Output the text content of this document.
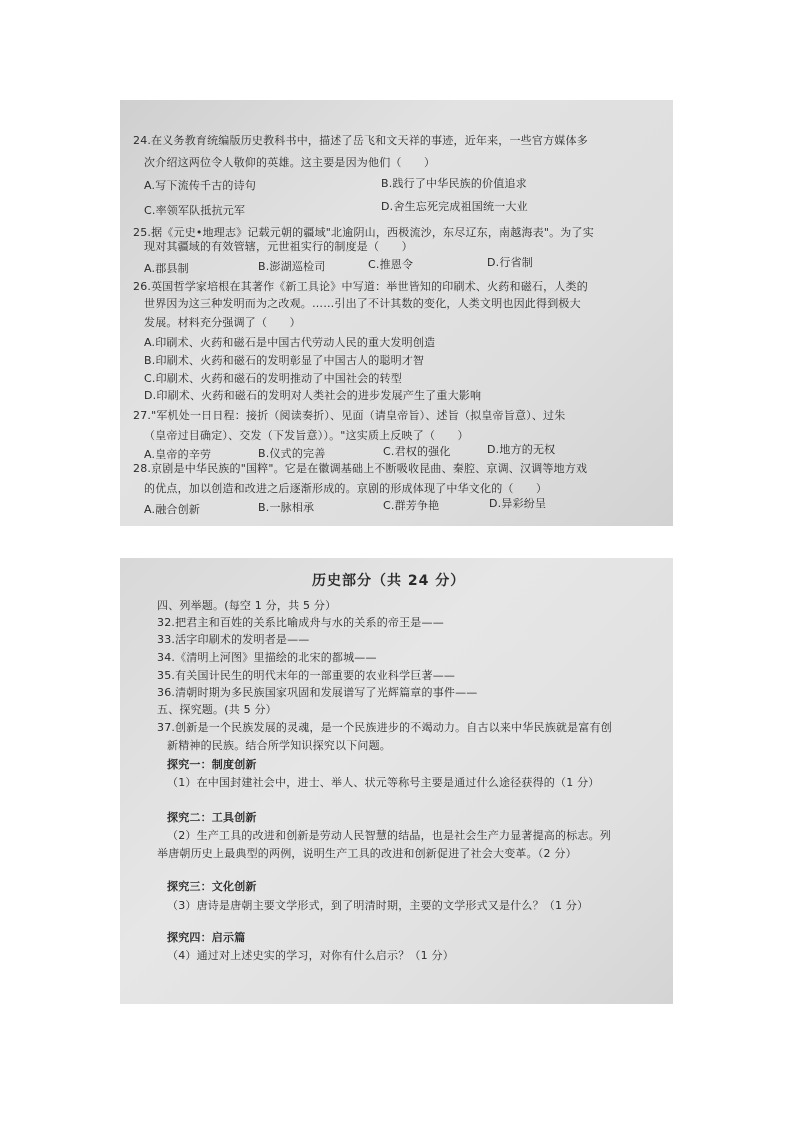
24.在义务教育统编版历史教科书中，描述了岳飞和文天祥的事迹，近年来，一些官方媒体多
次介绍这两位令人敬仰的英雄。这主要是因为他们（　　）
A.写下流传千古的诗句	B.践行了中华民族的价值追求
C.率领军队抵抗元军	D.舍生忘死完成祖国统一大业
25.据《元史•地理志》记载元朝的疆域"北逾阴山，西极流沙，东尽辽东，南越海表"。为了实
现对其疆域的有效管辖，元世祖实行的制度是（　　）
A.郡县制	B.澎湖巡检司	C.推恩令	D.行省制
26.英国哲学家培根在其著作《新工具论》中写道：举世皆知的印刷术、火药和磁石，人类的
世界因为这三种发明而为之改观。……引出了不计其数的变化，人类文明也因此得到极大
发展。材料充分强调了（　　）
A.印刷术、火药和磁石是中国古代劳动人民的重大发明创造
B.印刷术、火药和磁石的发明彰显了中国古人的聪明才智
C.印刷术、火药和磁石的发明推动了中国社会的转型
D.印刷术、火药和磁石的发明对人类社会的进步发展产生了重大影响
27."军机处一日日程：接折（阅读奏折）、见面（请皇帝旨）、述旨（拟皇帝旨意）、过朱
（皇帝过目确定）、交发（下发旨意））。"这实质上反映了（　　）
A.皇帝的辛劳	B.仪式的完善	C.君权的强化	D.地方的无权
28.京剧是中华民族的"国粹"。它是在徽调基础上不断吸收昆曲、秦腔、京调、汉调等地方戏
的优点，加以创造和改进之后逐渐形成的。京剧的形成体现了中华文化的（　　）
A.融合创新	B.一脉相承	C.群芳争艳	D.异彩纷呈
历史部分（共 24 分）
四、列举题。(每空 1 分，共 5 分）
32.把君主和百姓的关系比喻成舟与水的关系的帝王是——
33.活字印刷术的发明者是——
34.《清明上河图》里描绘的北宋的都城——
35.有关国计民生的明代末年的一部重要的农业科学巨著——
36.清朝时期为多民族国家巩固和发展谱写了光辉篇章的事件——
五、探究题。(共 5 分）
37.创新是一个民族发展的灵魂，是一个民族进步的不竭动力。自古以来中华民族就是富有创
新精神的民族。结合所学知识探究以下问题。
探究一：制度创新
（1）在中国封建社会中，进士、举人、状元等称号主要是通过什么途径获得的（1 分）
探究二：工具创新
（2）生产工具的改进和创新是劳动人民智慧的结晶，也是社会生产力显著提高的标志。列
举唐朝历史上最典型的两例，说明生产工具的改进和创新促进了社会大变革。（2 分）
探究三：文化创新
（3）唐诗是唐朝主要文学形式，到了明清时期，主要的文学形式又是什么？（1 分）
探究四：启示篇
（4）通过对上述史实的学习，对你有什么启示？（1 分）
